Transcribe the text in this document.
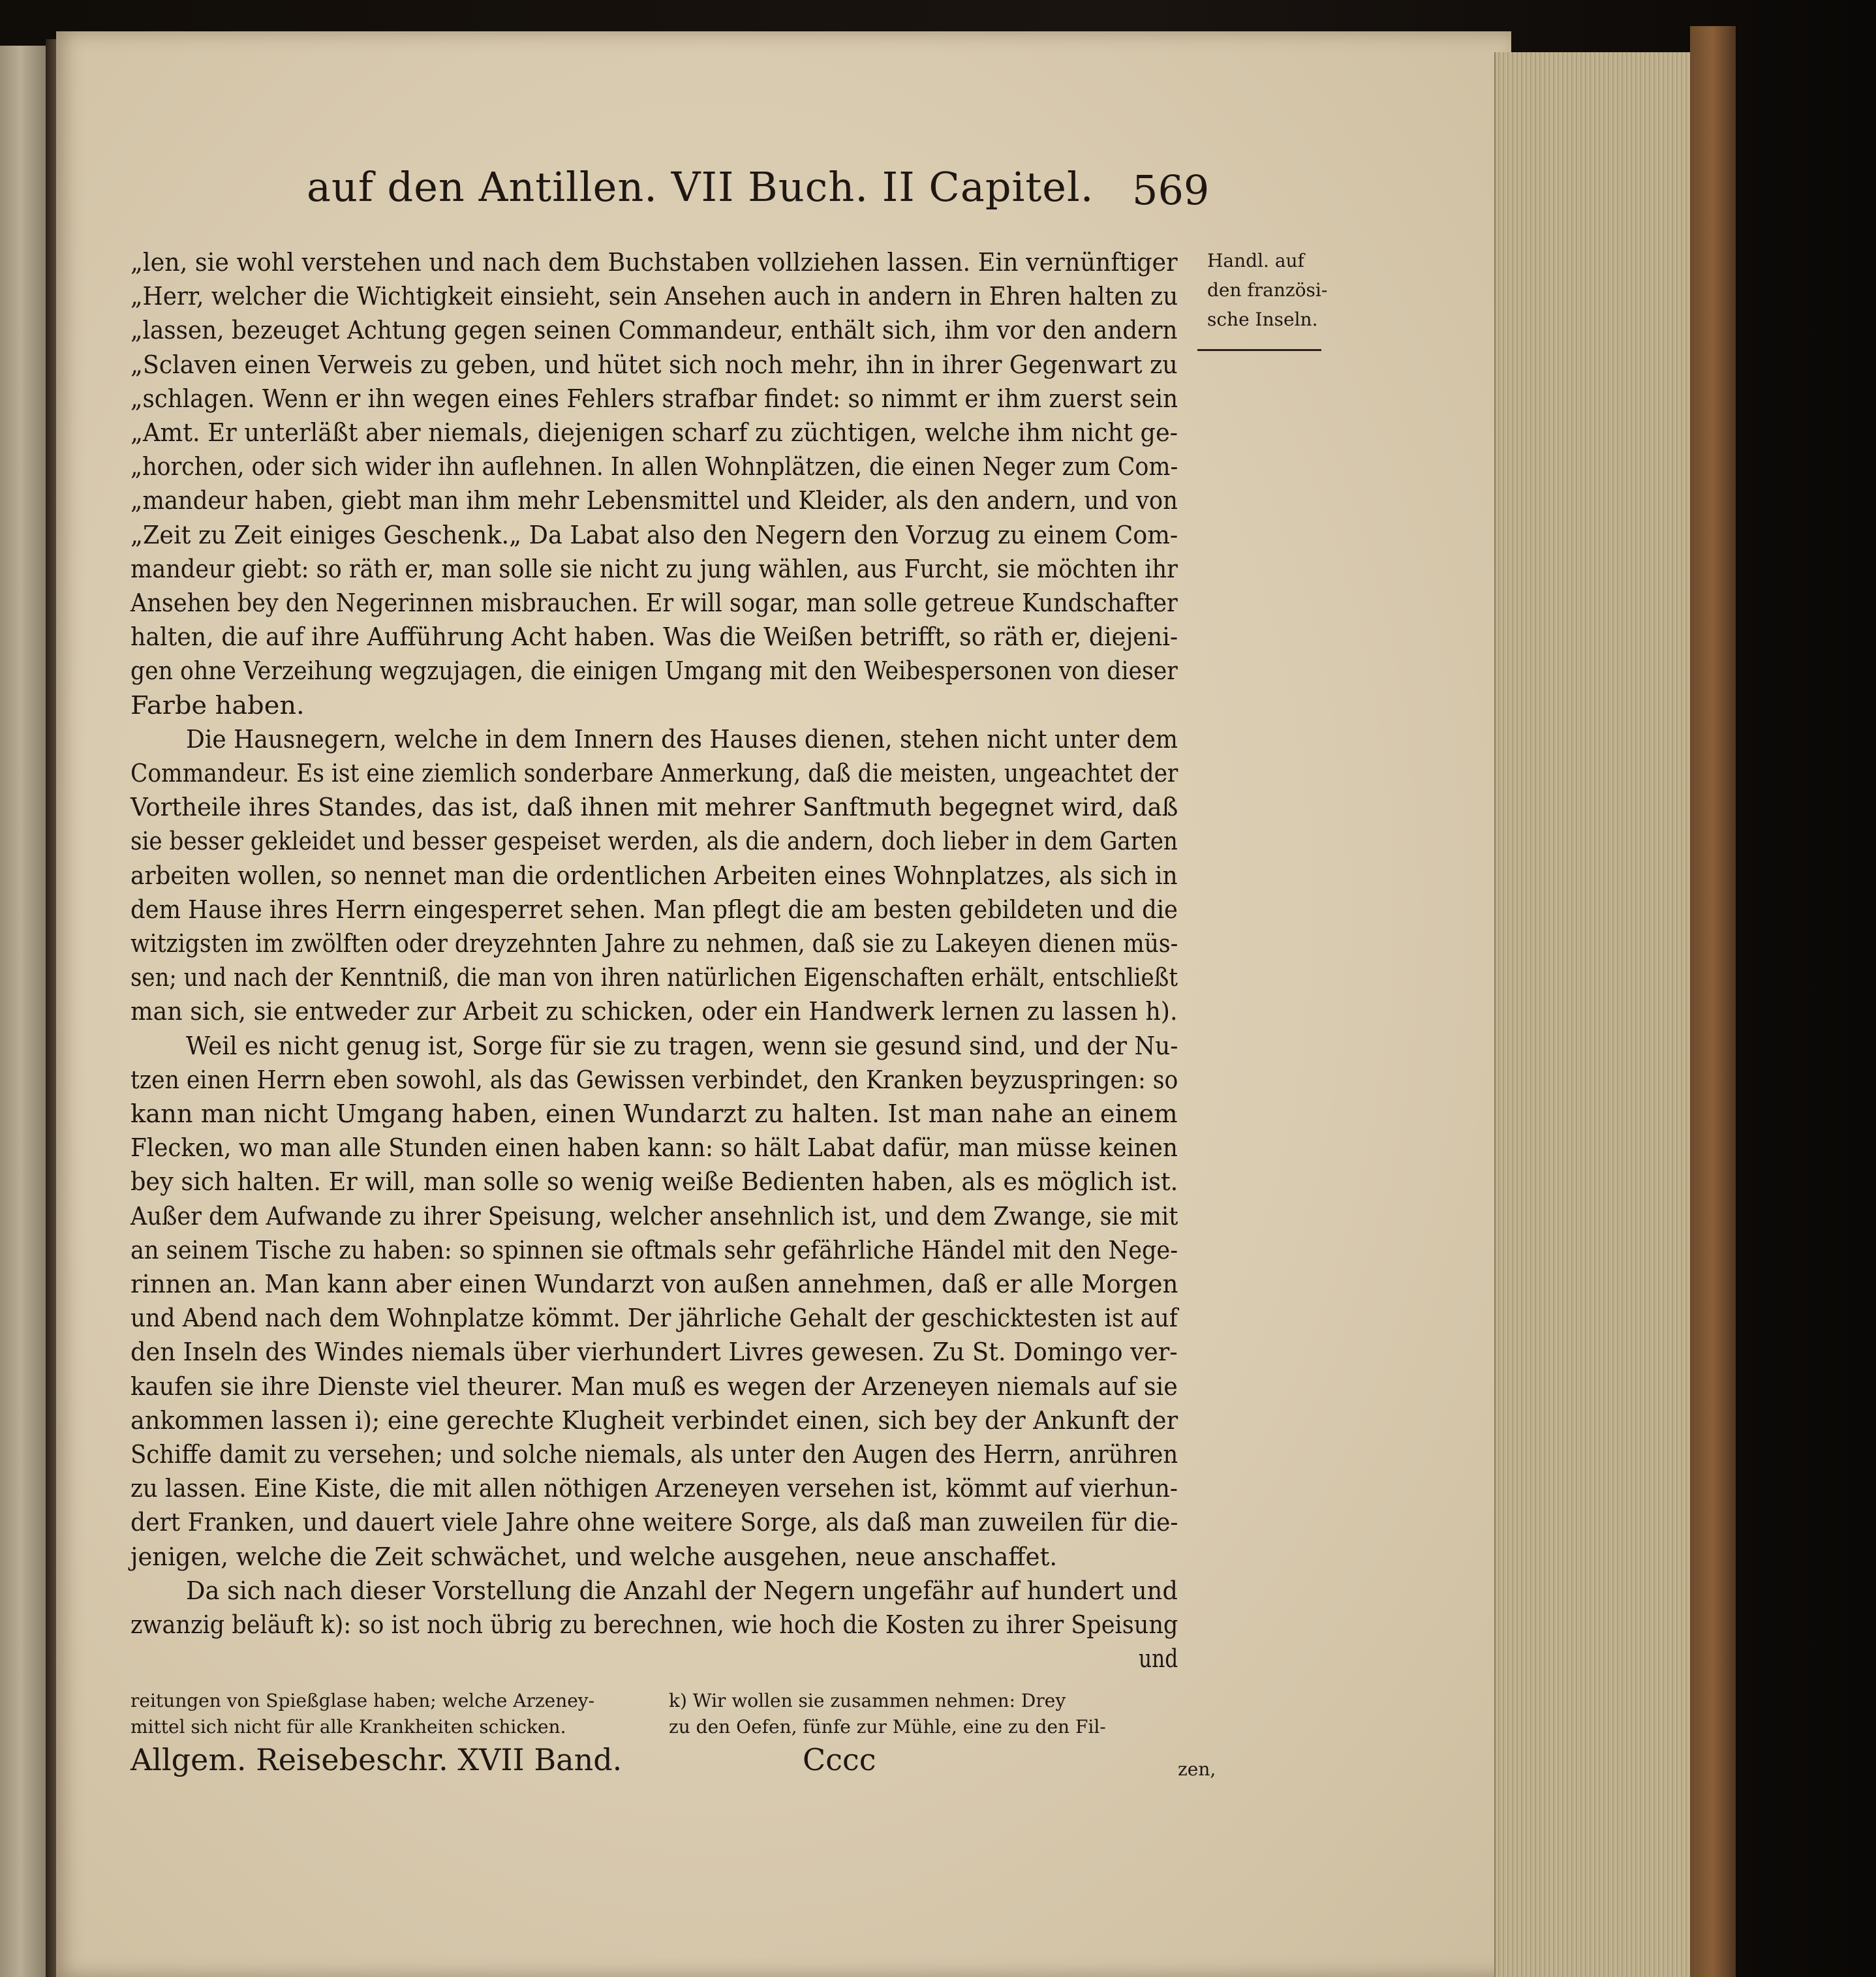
auf den Antillen. VII Buch. II Capitel. 569
Handl. auf
den französi-
sche Inseln.
„len, sie wohl verstehen und nach dem Buchstaben vollziehen lassen. Ein vernünftiger
„Herr, welcher die Wichtigkeit einsieht, sein Ansehen auch in andern in Ehren halten zu
„lassen, bezeuget Achtung gegen seinen Commandeur, enthält sich, ihm vor den andern
„Sclaven einen Verweis zu geben, und hütet sich noch mehr, ihn in ihrer Gegenwart zu
„schlagen. Wenn er ihn wegen eines Fehlers strafbar findet: so nimmt er ihm zuerst sein
„Amt. Er unterläßt aber niemals, diejenigen scharf zu züchtigen, welche ihm nicht ge-
„horchen, oder sich wider ihn auflehnen. In allen Wohnplätzen, die einen Neger zum Com-
„mandeur haben, giebt man ihm mehr Lebensmittel und Kleider, als den andern, und von
„Zeit zu Zeit einiges Geschenk.„ Da Labat also den Negern den Vorzug zu einem Com-
mandeur giebt: so räth er, man solle sie nicht zu jung wählen, aus Furcht, sie möchten ihr
Ansehen bey den Negerinnen misbrauchen. Er will sogar, man solle getreue Kundschafter
halten, die auf ihre Aufführung Acht haben. Was die Weißen betrifft, so räth er, diejeni-
gen ohne Verzeihung wegzujagen, die einigen Umgang mit den Weibespersonen von dieser
Farbe haben.
Die Hausnegern, welche in dem Innern des Hauses dienen, stehen nicht unter dem
Commandeur. Es ist eine ziemlich sonderbare Anmerkung, daß die meisten, ungeachtet der
Vortheile ihres Standes, das ist, daß ihnen mit mehrer Sanftmuth begegnet wird, daß
sie besser gekleidet und besser gespeiset werden, als die andern, doch lieber in dem Garten
arbeiten wollen, so nennet man die ordentlichen Arbeiten eines Wohnplatzes, als sich in
dem Hause ihres Herrn eingesperret sehen. Man pflegt die am besten gebildeten und die
witzigsten im zwölften oder dreyzehnten Jahre zu nehmen, daß sie zu Lakeyen dienen müs-
sen; und nach der Kenntniß, die man von ihren natürlichen Eigenschaften erhält, entschließt
man sich, sie entweder zur Arbeit zu schicken, oder ein Handwerk lernen zu lassen h).
Weil es nicht genug ist, Sorge für sie zu tragen, wenn sie gesund sind, und der Nu-
tzen einen Herrn eben sowohl, als das Gewissen verbindet, den Kranken beyzuspringen: so
kann man nicht Umgang haben, einen Wundarzt zu halten. Ist man nahe an einem
Flecken, wo man alle Stunden einen haben kann: so hält Labat dafür, man müsse keinen
bey sich halten. Er will, man solle so wenig weiße Bedienten haben, als es möglich ist.
Außer dem Aufwande zu ihrer Speisung, welcher ansehnlich ist, und dem Zwange, sie mit
an seinem Tische zu haben: so spinnen sie oftmals sehr gefährliche Händel mit den Nege-
rinnen an. Man kann aber einen Wundarzt von außen annehmen, daß er alle Morgen
und Abend nach dem Wohnplatze kömmt. Der jährliche Gehalt der geschicktesten ist auf
den Inseln des Windes niemals über vierhundert Livres gewesen. Zu St. Domingo ver-
kaufen sie ihre Dienste viel theurer. Man muß es wegen der Arzeneyen niemals auf sie
ankommen lassen i); eine gerechte Klugheit verbindet einen, sich bey der Ankunft der
Schiffe damit zu versehen; und solche niemals, als unter den Augen des Herrn, anrühren
zu lassen. Eine Kiste, die mit allen nöthigen Arzeneyen versehen ist, kömmt auf vierhun-
dert Franken, und dauert viele Jahre ohne weitere Sorge, als daß man zuweilen für die-
jenigen, welche die Zeit schwächet, und welche ausgehen, neue anschaffet.
Da sich nach dieser Vorstellung die Anzahl der Negern ungefähr auf hundert und
zwanzig beläuft k): so ist noch übrig zu berechnen, wie hoch die Kosten zu ihrer Speisung
und
reitungen von Spießglase haben; welche Arzeney-
mittel sich nicht für alle Krankheiten schicken.
k) Wir wollen sie zusammen nehmen: Drey
zu den Oefen, fünfe zur Mühle, eine zu den Fil-
zen,
Allgem. Reisebeschr. XVII Band.	Cccc
